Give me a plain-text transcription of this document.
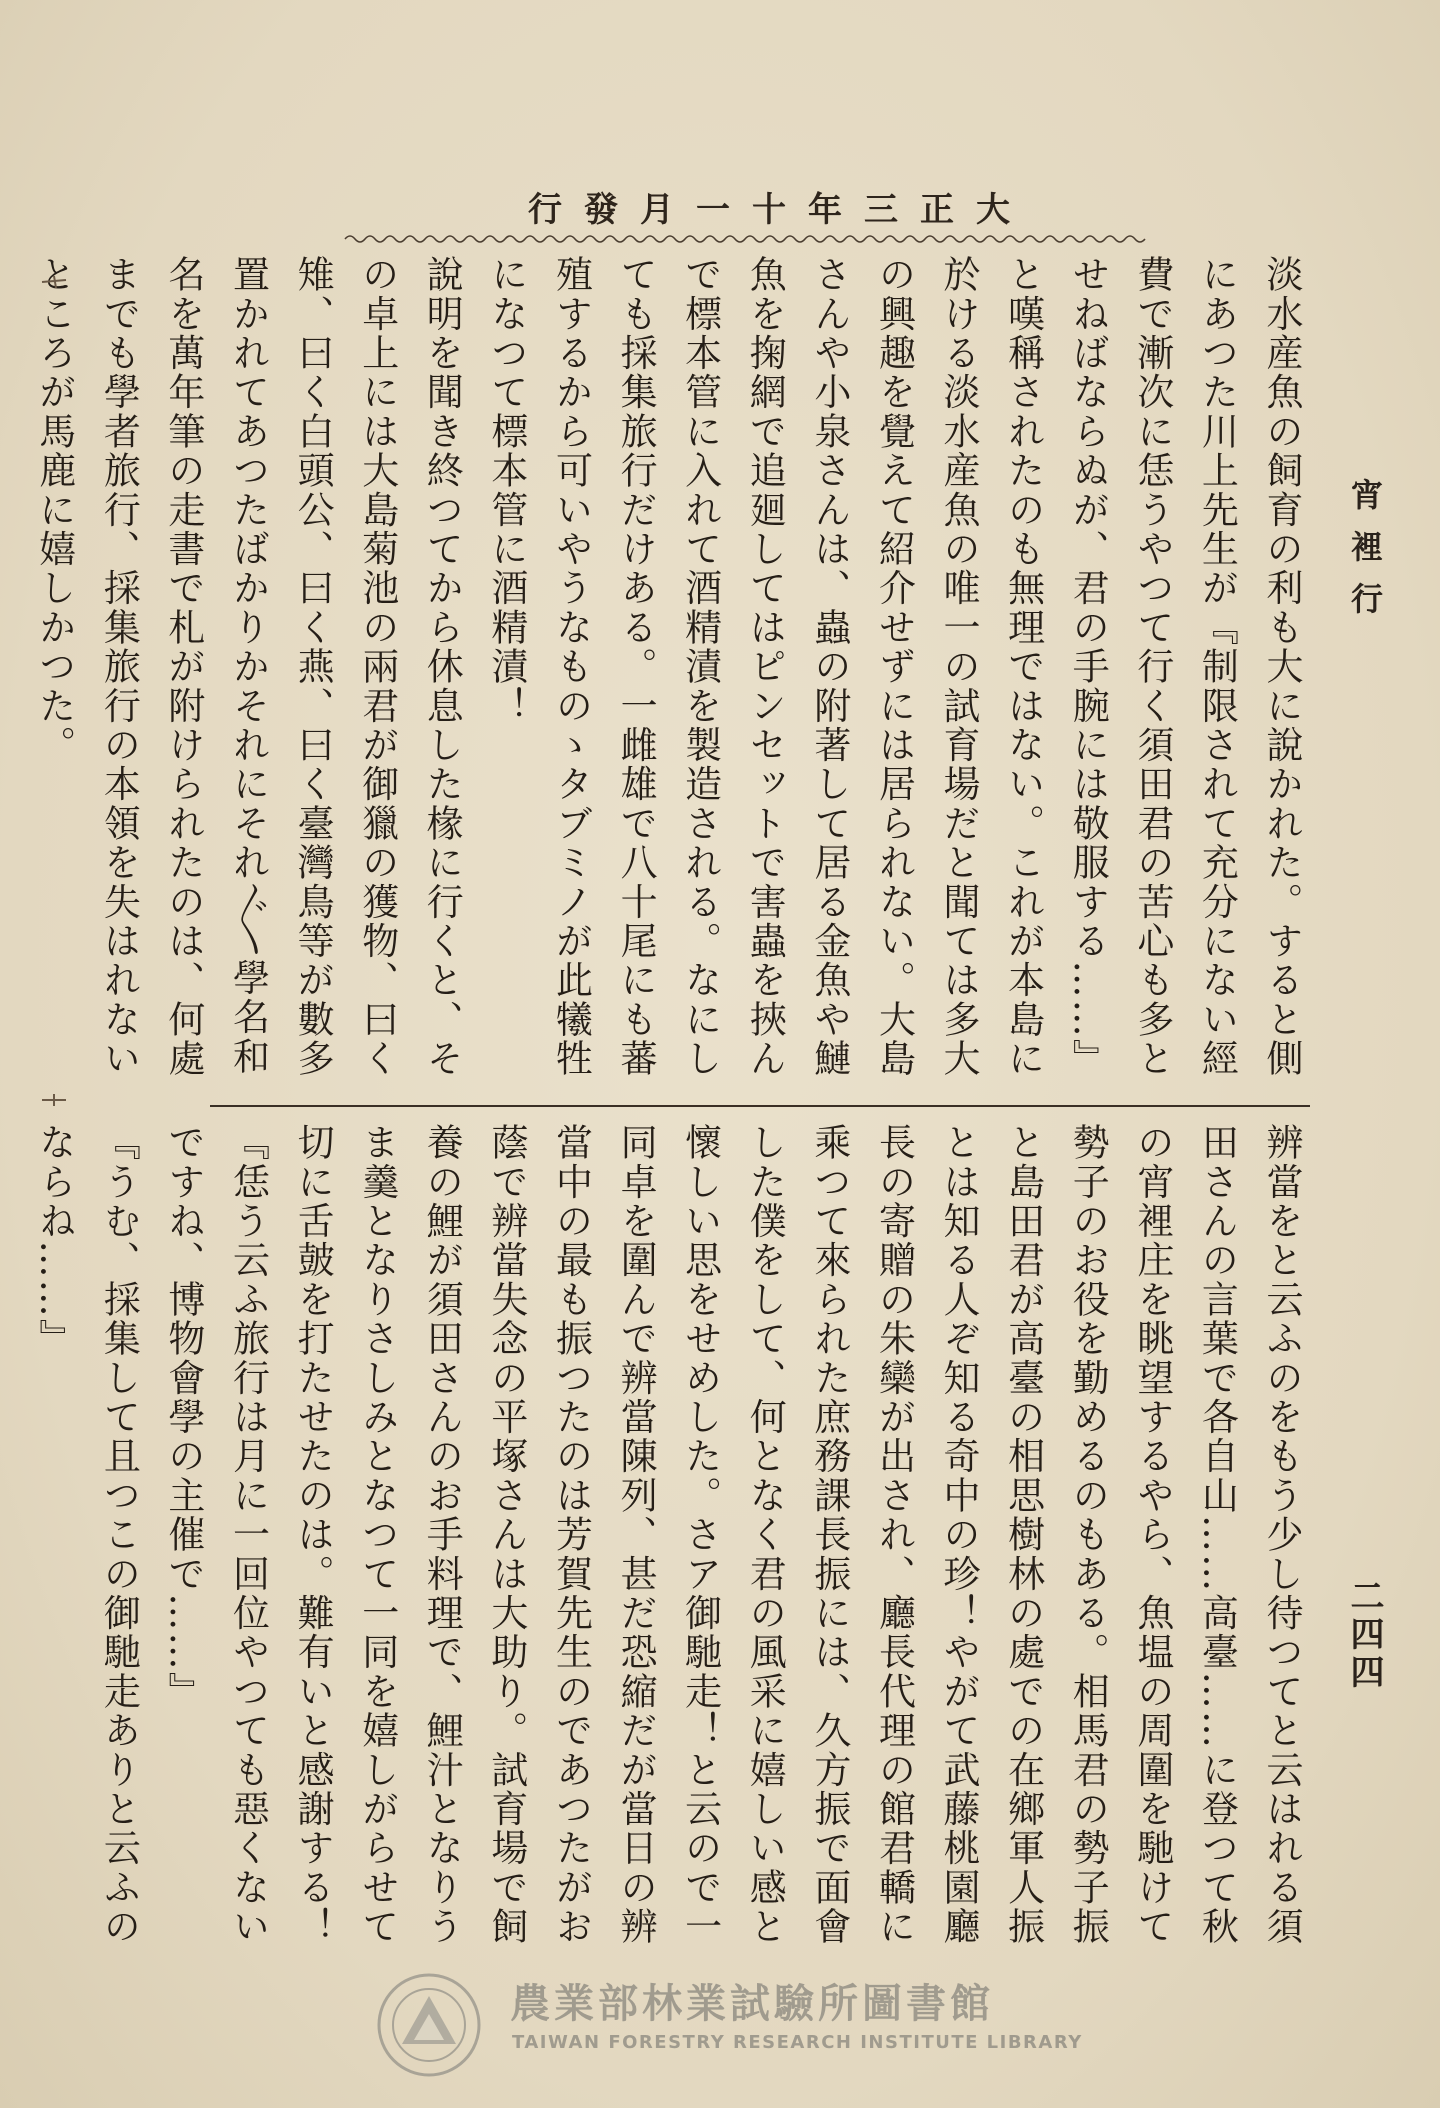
大正三年十一月發行
宵裡行
二四四

淡水産魚の飼育の利も大に說かれた。すると側にあつた川上先生が『制限されて充分にない經費で漸次に恁うやつて行く須田君の苦心も多とせねばならぬが、君の手腕には敬服する……』と嘆稱されたのも無理ではない。これが本島に於ける淡水産魚の唯一の試育場だと聞ては多大の興趣を覺えて紹介せずには居られない。大島さんや小泉さんは、蟲の附著して居る金魚や鰱魚を掬網で追廻してはピンセットで害蟲を挾んで標本管に入れて酒精漬を製造される。なにしても採集旅行だけある。一雌雄で八十尾にも蕃殖するから可いやうなものゝタブミノが此犧牲になつて標本管に酒精漬！

說明を聞き終つてから休息した椽に行くと、その卓上には大島菊池の兩君が御獵の獲物、曰く雉、曰く白頭公、曰く燕、曰く臺灣鳥等が數多置かれてあつたばかりかそれにそれ〴〵學名和名を萬年筆の走書で札が附けられたのは、何處までも學者旅行、採集旅行の本領を失はれないところが馬鹿に嬉しかつた。

辨當をと云ふのをもう少し待つてと云はれる須田さんの言葉で各自山……高臺……に登つて秋の宵裡庄を眺望するやら、魚塭の周圍を馳けて勢子のお役を勤めるのもある。相馬君の勢子振と島田君が高臺の相思樹林の處での在鄉軍人振とは知る人ぞ知る奇中の珍！やがて武藤桃園廳長の寄贈の朱欒が出され、廳長代理の館君轎に乘つて來られた庶務課長振には、久方振で面會した僕をして、何となく君の風采に嬉しい感と懷しい思をせめした。さア御馳走！と云ので一同卓を圍んで辨當陳列、甚だ恐縮だが當日の辨當中の最も振つたのは芳賀先生のであつたがお蔭で辨當失念の平塚さんは大助り。試育場で飼養の鯉が須田さんのお手料理で、鯉汁となりうま羹となりさしみとなつて一同を嬉しがらせて切に舌皷を打たせたのは。難有いと感謝する！

『恁う云ふ旅行は月に一回位やつても惡くないですね、博物會學の主催で……』

『うむ、採集して且つこの御馳走ありと云ふのならね……』

農業部林業試驗所圖書館
TAIWAN FORESTRY RESEARCH INSTITUTE LIBRARY
